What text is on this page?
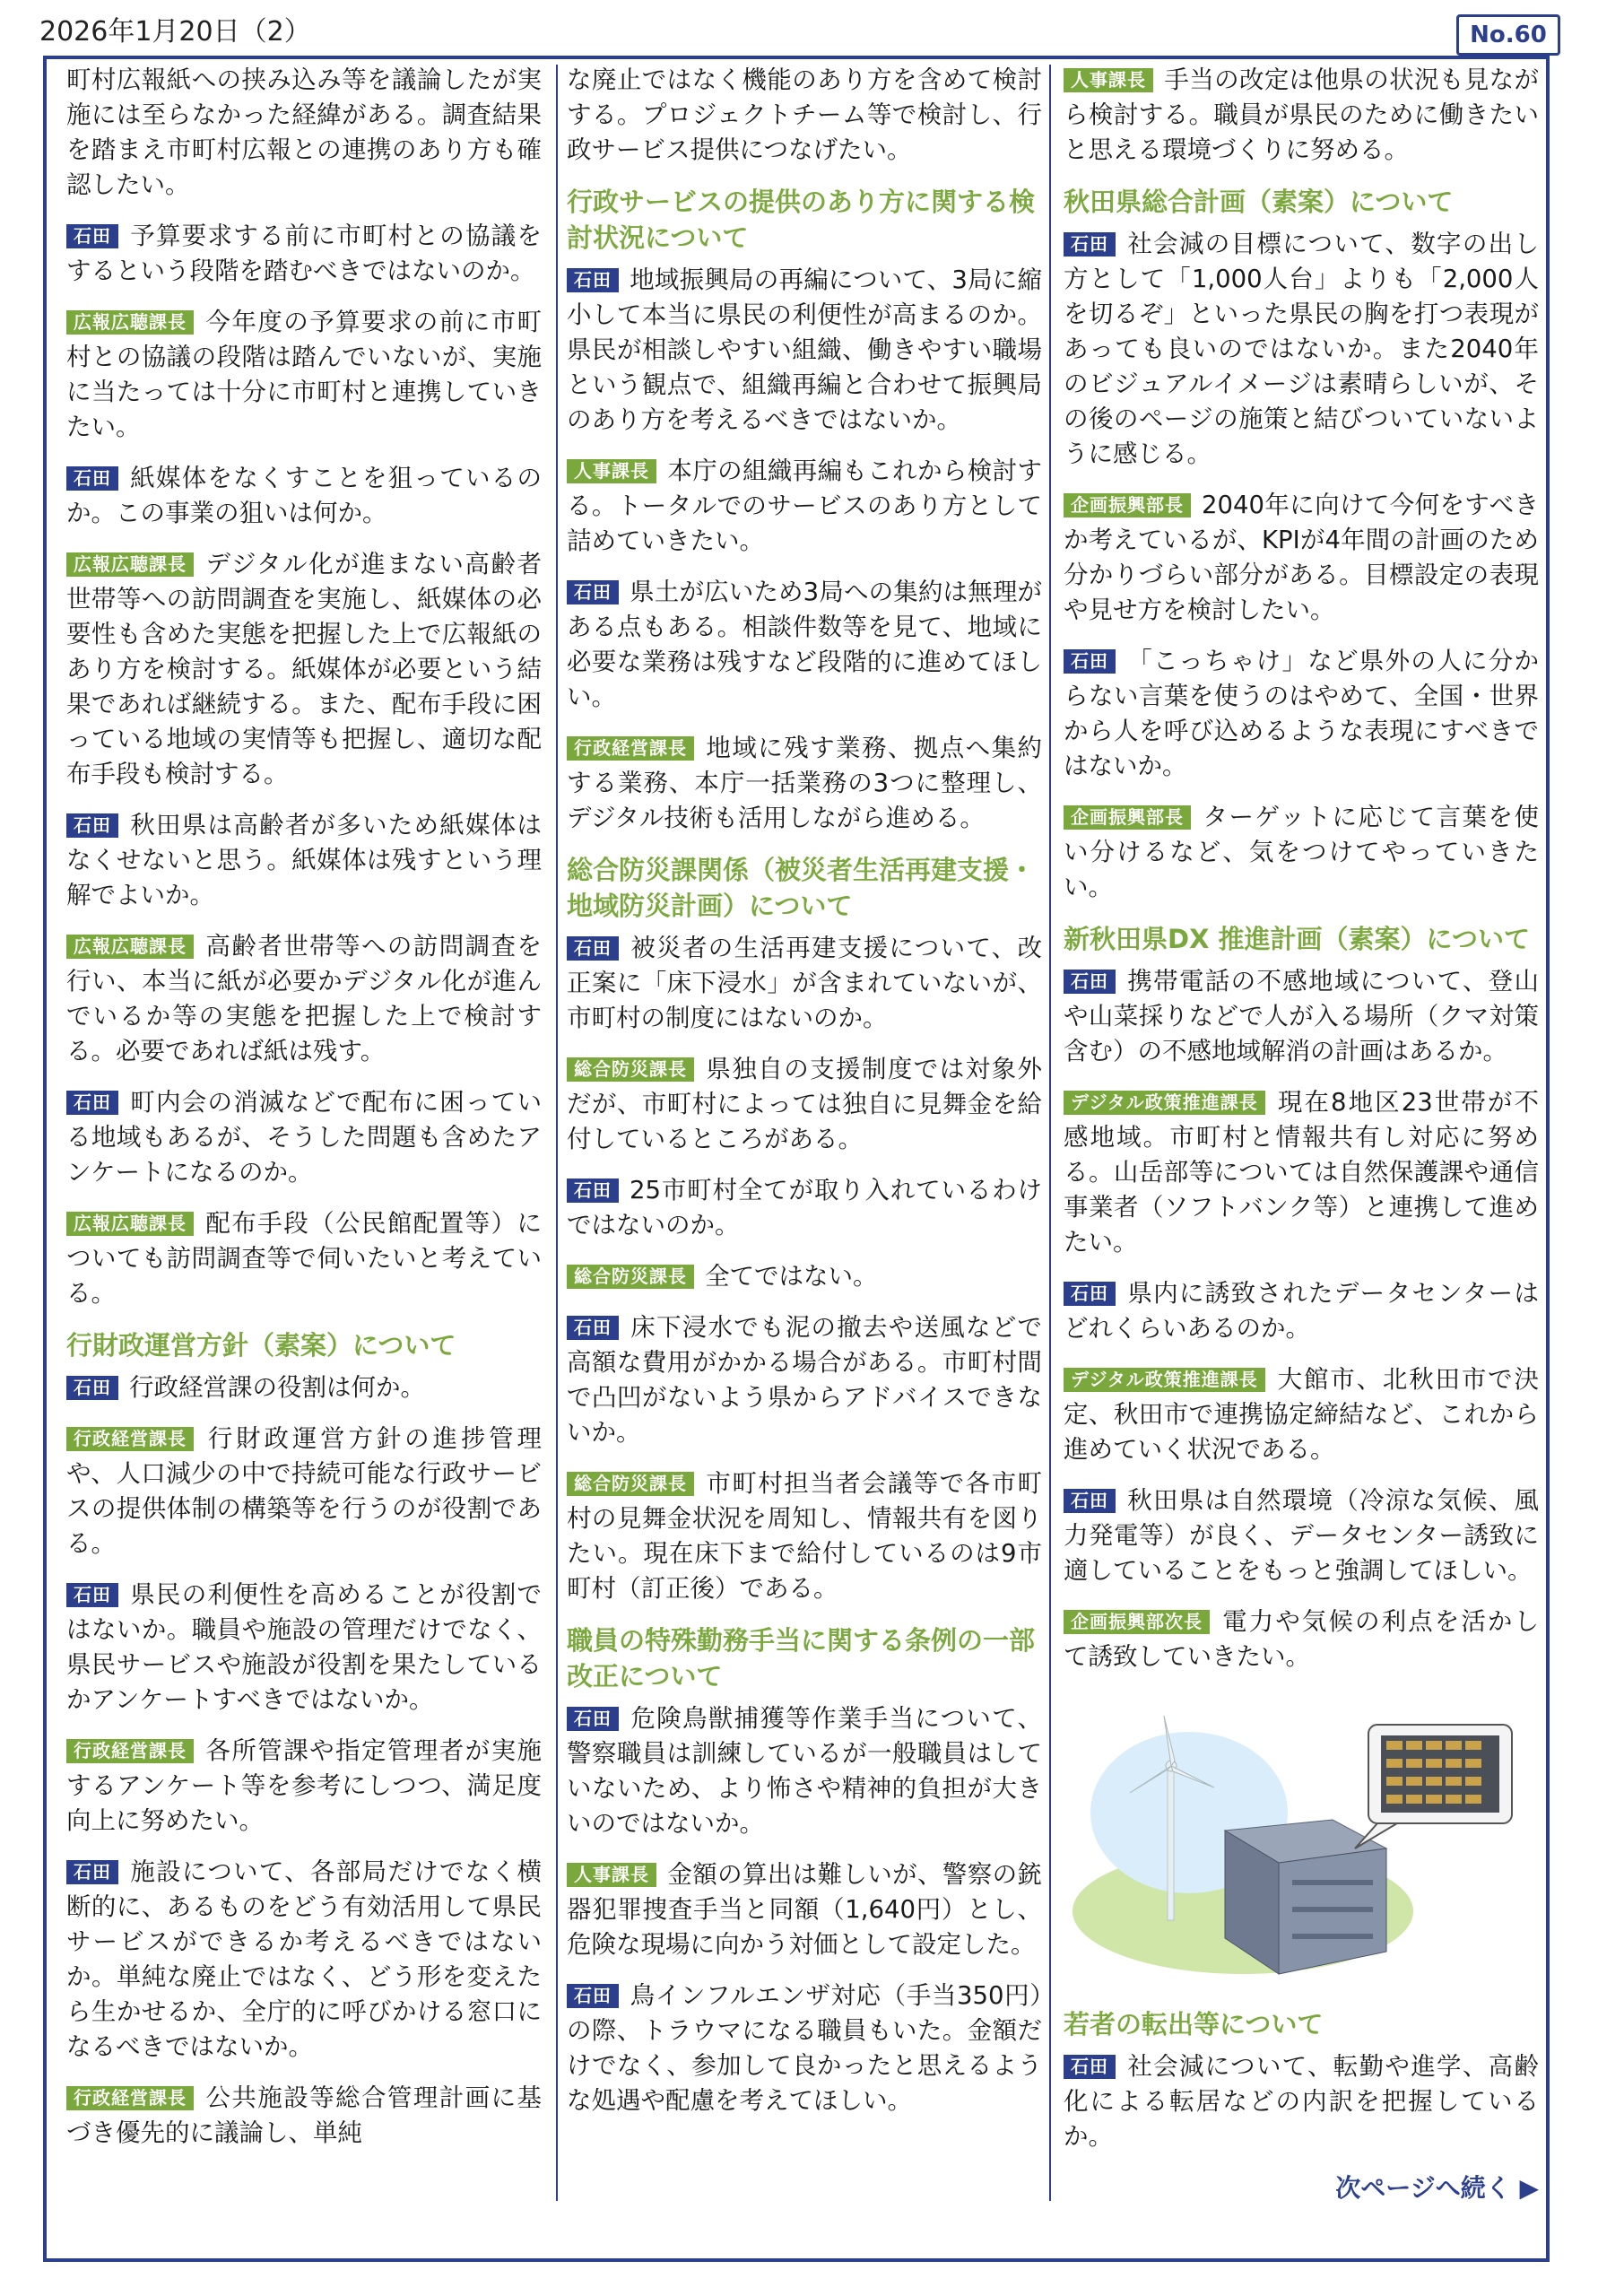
2026年1月20日（2）	No.60

町村広報紙への挟み込み等を議論したが実施には至らなかった経緯がある。調査結果を踏まえ市町村広報との連携のあり方も確認したい。

石田 予算要求する前に市町村との協議をするという段階を踏むべきではないのか。

広報広聴課長 今年度の予算要求の前に市町村との協議の段階は踏んでいないが、実施に当たっては十分に市町村と連携していきたい。

石田 紙媒体をなくすことを狙っているのか。この事業の狙いは何か。

広報広聴課長 デジタル化が進まない高齢者世帯等への訪問調査を実施し、紙媒体の必要性も含めた実態を把握した上で広報紙のあり方を検討する。紙媒体が必要という結果であれば継続する。また、配布手段に困っている地域の実情等も把握し、適切な配布手段も検討する。

石田 秋田県は高齢者が多いため紙媒体はなくせないと思う。紙媒体は残すという理解でよいか。

広報広聴課長 高齢者世帯等への訪問調査を行い、本当に紙が必要かデジタル化が進んでいるか等の実態を把握した上で検討する。必要であれば紙は残す。

石田 町内会の消滅などで配布に困っている地域もあるが、そうした問題も含めたアンケートになるのか。

広報広聴課長 配布手段（公民館配置等）についても訪問調査等で伺いたいと考えている。

行財政運営方針（素案）について

石田 行政経営課の役割は何か。

行政経営課長 行財政運営方針の進捗管理や、人口減少の中で持続可能な行政サービスの提供体制の構築等を行うのが役割である。

石田 県民の利便性を高めることが役割ではないか。職員や施設の管理だけでなく、県民サービスや施設が役割を果たしているかアンケートすべきではないか。

行政経営課長 各所管課や指定管理者が実施するアンケート等を参考にしつつ、満足度向上に努めたい。

石田 施設について、各部局だけでなく横断的に、あるものをどう有効活用して県民サービスができるか考えるべきではないか。単純な廃止ではなく、どう形を変えたら生かせるか、全庁的に呼びかける窓口になるべきではないか。

行政経営課長 公共施設等総合管理計画に基づき優先的に議論し、単純

な廃止ではなく機能のあり方を含めて検討する。プロジェクトチーム等で検討し、行政サービス提供につなげたい。

行政サービスの提供のあり方に関する検討状況について

石田 地域振興局の再編について、3局に縮小して本当に県民の利便性が高まるのか。県民が相談しやすい組織、働きやすい職場という観点で、組織再編と合わせて振興局のあり方を考えるべきではないか。

人事課長 本庁の組織再編もこれから検討する。トータルでのサービスのあり方として詰めていきたい。

石田 県土が広いため3局への集約は無理がある点もある。相談件数等を見て、地域に必要な業務は残すなど段階的に進めてほしい。

行政経営課長 地域に残す業務、拠点へ集約する業務、本庁一括業務の3つに整理し、デジタル技術も活用しながら進める。

総合防災課関係（被災者生活再建支援・地域防災計画）について

石田 被災者の生活再建支援について、改正案に「床下浸水」が含まれていないが、市町村の制度にはないのか。

総合防災課長 県独自の支援制度では対象外だが、市町村によっては独自に見舞金を給付しているところがある。

石田 25市町村全てが取り入れているわけではないのか。

総合防災課長 全てではない。

石田 床下浸水でも泥の撤去や送風などで高額な費用がかかる場合がある。市町村間で凸凹がないよう県からアドバイスできないか。

総合防災課長 市町村担当者会議等で各市町村の見舞金状況を周知し、情報共有を図りたい。現在床下まで給付しているのは9市町村（訂正後）である。

職員の特殊勤務手当に関する条例の一部改正について

石田 危険鳥獣捕獲等作業手当について、警察職員は訓練しているが一般職員はしていないため、より怖さや精神的負担が大きいのではないか。

人事課長 金額の算出は難しいが、警察の銃器犯罪捜査手当と同額（1,640円）とし、危険な現場に向かう対価として設定した。

石田 鳥インフルエンザ対応（手当350円）の際、トラウマになる職員もいた。金額だけでなく、参加して良かったと思えるような処遇や配慮を考えてほしい。

人事課長 手当の改定は他県の状況も見ながら検討する。職員が県民のために働きたいと思える環境づくりに努める。

秋田県総合計画（素案）について

石田 社会減の目標について、数字の出し方として「1,000人台」よりも「2,000人を切るぞ」といった県民の胸を打つ表現があっても良いのではないか。また2040年のビジュアルイメージは素晴らしいが、その後のページの施策と結びついていないように感じる。

企画振興部長 2040年に向けて今何をすべきか考えているが、KPIが4年間の計画のため分かりづらい部分がある。目標設定の表現や見せ方を検討したい。

石田 「こっちゃけ」など県外の人に分からない言葉を使うのはやめて、全国・世界から人を呼び込めるような表現にすべきではないか。

企画振興部長 ターゲットに応じて言葉を使い分けるなど、気をつけてやっていきたい。

新秋田県DX 推進計画（素案）について

石田 携帯電話の不感地域について、登山や山菜採りなどで人が入る場所（クマ対策含む）の不感地域解消の計画はあるか。

デジタル政策推進課長 現在8地区23世帯が不感地域。市町村と情報共有し対応に努める。山岳部等については自然保護課や通信事業者（ソフトバンク等）と連携して進めたい。

石田 県内に誘致されたデータセンターはどれくらいあるのか。

デジタル政策推進課長 大館市、北秋田市で決定、秋田市で連携協定締結など、これから進めていく状況である。

石田 秋田県は自然環境（冷涼な気候、風力発電等）が良く、データセンター誘致に適していることをもっと強調してほしい。

企画振興部次長 電力や気候の利点を活かして誘致していきたい。

若者の転出等について

石田 社会減について、転勤や進学、高齢化による転居などの内訳を把握しているか。

次ページへ続く ▶
